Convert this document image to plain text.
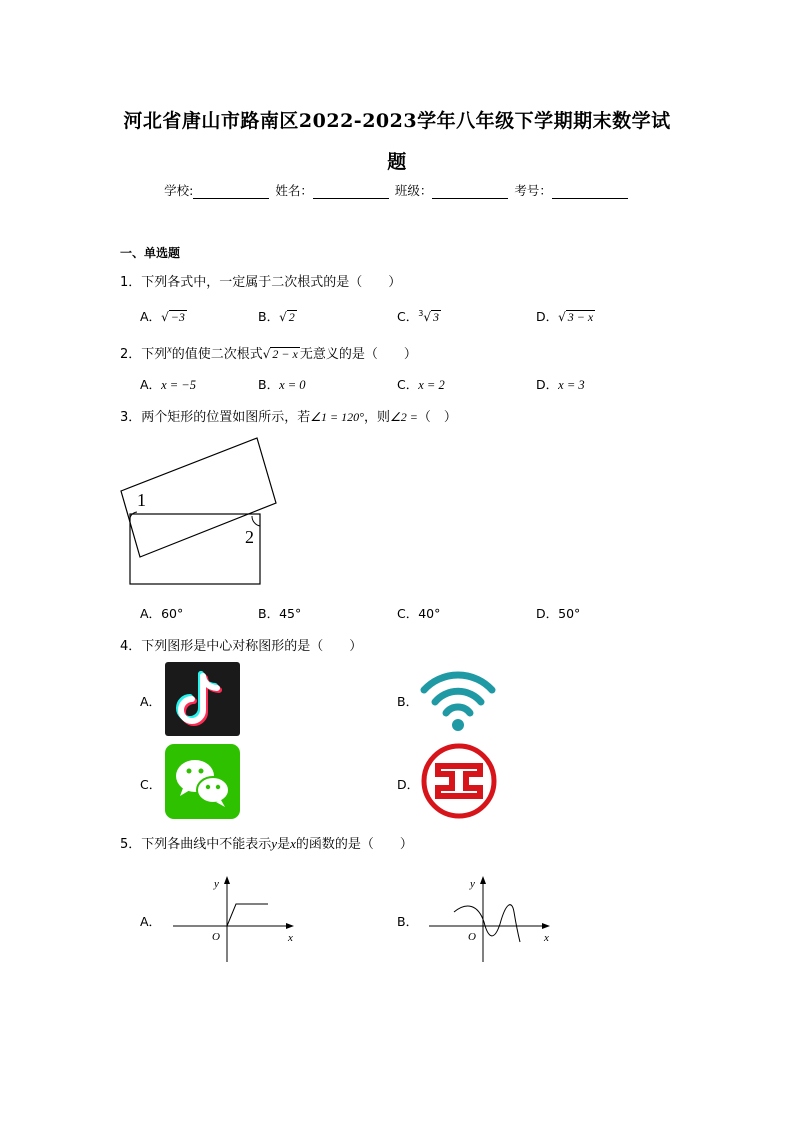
河北省唐山市路南区2022-2023学年八年级下学期期末数学试
题
学校:	姓名：	班级：	考号：
一、单选题
1．下列各式中，一定属于二次根式的是（　　）
A．√ −3	B．√ 2	C．$^3$√ 3	D．√ 3 − x
2．下列$^x$的值使二次根式√ 2 − x 无意义的是（　　）
A．x = −5	B．x = 0	C．x = 2	D．x = 3
3．两个矩形的位置如图所示，若∠1 = 120°，则∠2 =（　）
1
2
A．60°	B．45°	C．40°	D．50°
4．下列图形是中心对称图形的是（　　）
A．	B．
C．	D．
5．下列各曲线中不能表示y是x的函数的是（　　）
A．
y
x
O
B．
y
x
O
